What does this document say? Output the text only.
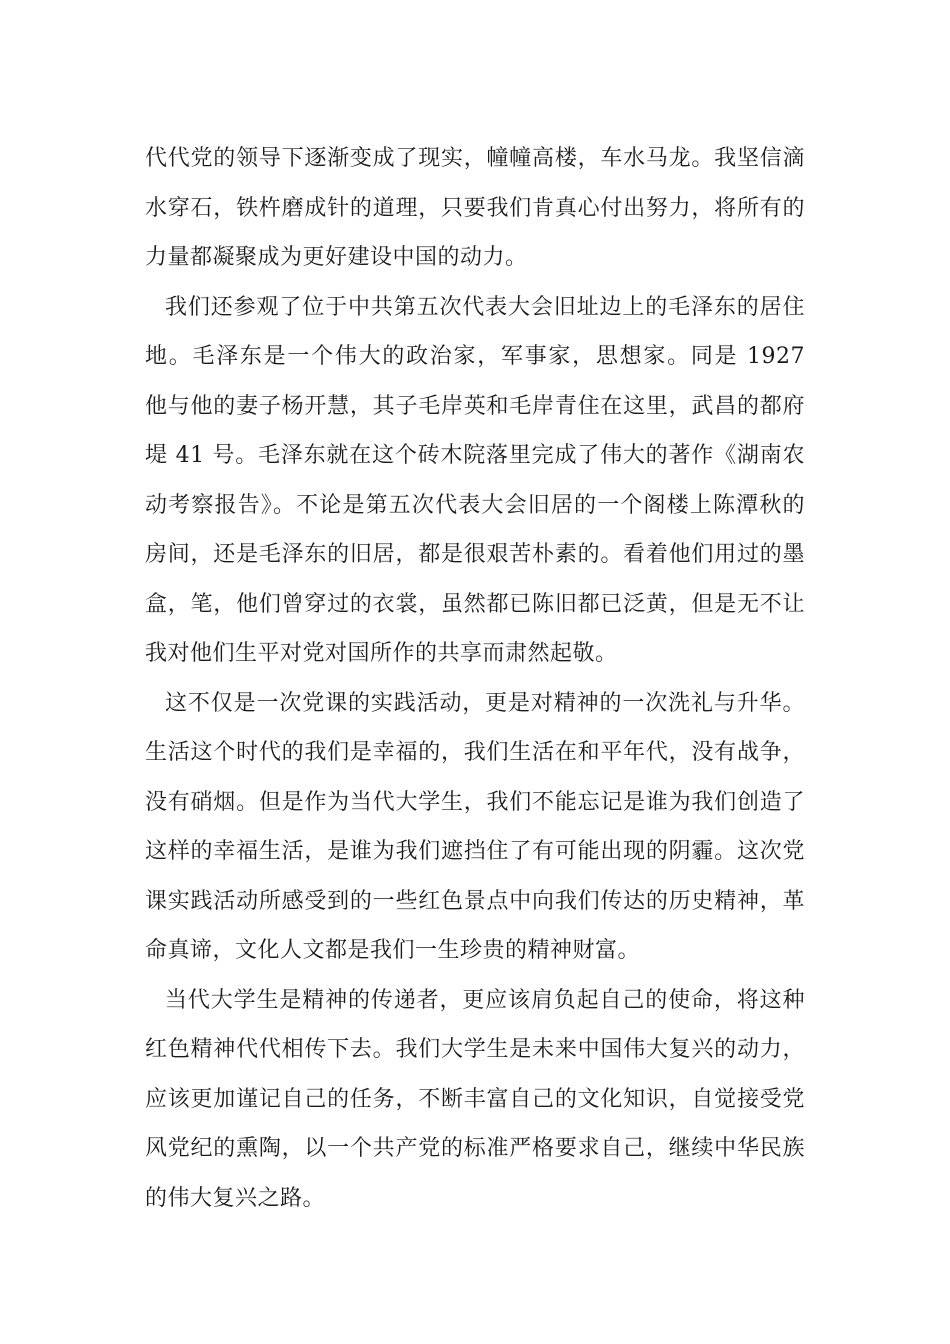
代代党的领导下逐渐变成了现实，幢幢高楼，车水马龙。我坚信滴
水穿石，铁杵磨成针的道理，只要我们肯真心付出努力，将所有的
力量都凝聚成为更好建设中国的动力。
我们还参观了位于中共第五次代表大会旧址边上的毛泽东的居住
地。毛泽东是一个伟大的政治家，军事家，思想家。同是 1927
他与他的妻子杨开慧，其子毛岸英和毛岸青住在这里，武昌的都府
堤 41 号。毛泽东就在这个砖木院落里完成了伟大的著作《湖南农
动考察报告》。不论是第五次代表大会旧居的一个阁楼上陈潭秋的
房间，还是毛泽东的旧居，都是很艰苦朴素的。看着他们用过的墨
盒，笔，他们曾穿过的衣裳，虽然都已陈旧都已泛黄，但是无不让
我对他们生平对党对国所作的共享而肃然起敬。
这不仅是一次党课的实践活动，更是对精神的一次洗礼与升华。
生活这个时代的我们是幸福的，我们生活在和平年代，没有战争，
没有硝烟。但是作为当代大学生，我们不能忘记是谁为我们创造了
这样的幸福生活，是谁为我们遮挡住了有可能出现的阴霾。这次党
课实践活动所感受到的一些红色景点中向我们传达的历史精神，革
命真谛，文化人文都是我们一生珍贵的精神财富。
当代大学生是精神的传递者，更应该肩负起自己的使命，将这种
红色精神代代相传下去。我们大学生是未来中国伟大复兴的动力，
应该更加谨记自己的任务，不断丰富自己的文化知识，自觉接受党
风党纪的熏陶，以一个共产党的标准严格要求自己，继续中华民族
的伟大复兴之路。
